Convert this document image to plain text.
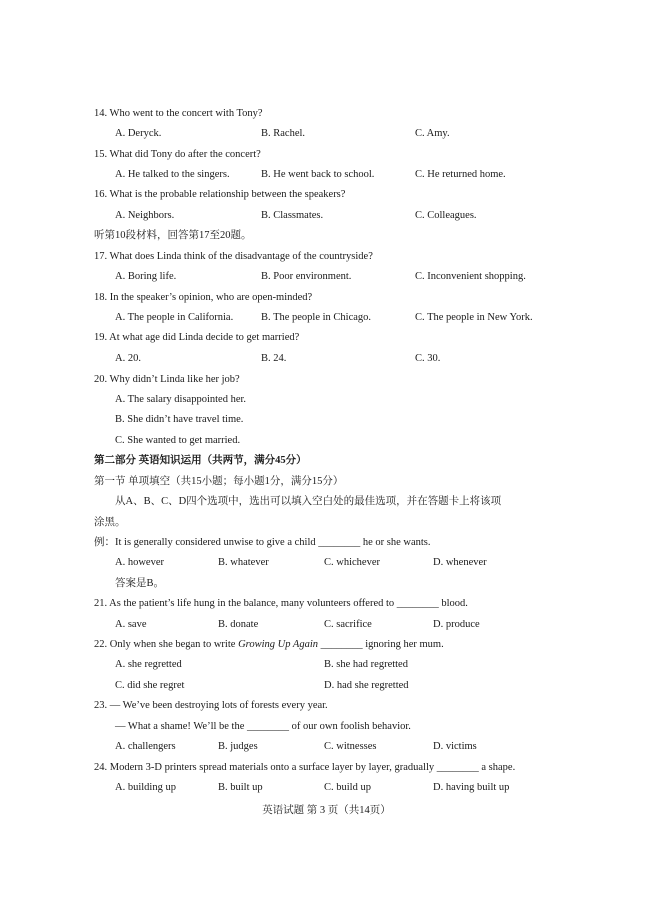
14. Who went to the concert with Tony?
A. Deryck.	B. Rachel.	C. Amy.
15. What did Tony do after the concert?
A. He talked to the singers.	B. He went back to school.	C. He returned home.
16. What is the probable relationship between the speakers?
A. Neighbors.	B. Classmates.	C. Colleagues.
听第10段材料，回答第17至20题。
17. What does Linda think of the disadvantage of the countryside?
A. Boring life.	B. Poor environment.	C. Inconvenient shopping.
18. In the speaker’s opinion, who are open-minded?
A. The people in California.	B. The people in Chicago.	C. The people in New York.
19. At what age did Linda decide to get married?
A. 20.	B. 24.	C. 30.
20. Why didn’t Linda like her job?
A. The salary disappointed her.
B. She didn’t have travel time.
C. She wanted to get married.
第二部分 英语知识运用（共两节，满分45分）
第一节 单项填空（共15小题；每小题1分，满分15分）
从A、B、C、D四个选项中，选出可以填入空白处的最佳选项，并在答题卡上将该项
涂黑。
例：It is generally considered unwise to give a child ________ he or she wants.
A. however	B. whatever	C. whichever	D. whenever
答案是B。
21. As the patient’s life hung in the balance, many volunteers offered to ________ blood.
A. save	B. donate	C. sacrifice	D. produce
22. Only when she began to write Growing Up Again ________ ignoring her mum.
A. she regretted	B. she had regretted
C. did she regret	D. had she regretted
23. — We’ve been destroying lots of forests every year.
— What a shame! We’ll be the ________ of our own foolish behavior.
A. challengers	B. judges	C. witnesses	D. victims
24. Modern 3-D printers spread materials onto a surface layer by layer, gradually ________ a shape.
A. building up	B. built up	C. build up	D. having built up
英语试题 第 3 页（共14页）
